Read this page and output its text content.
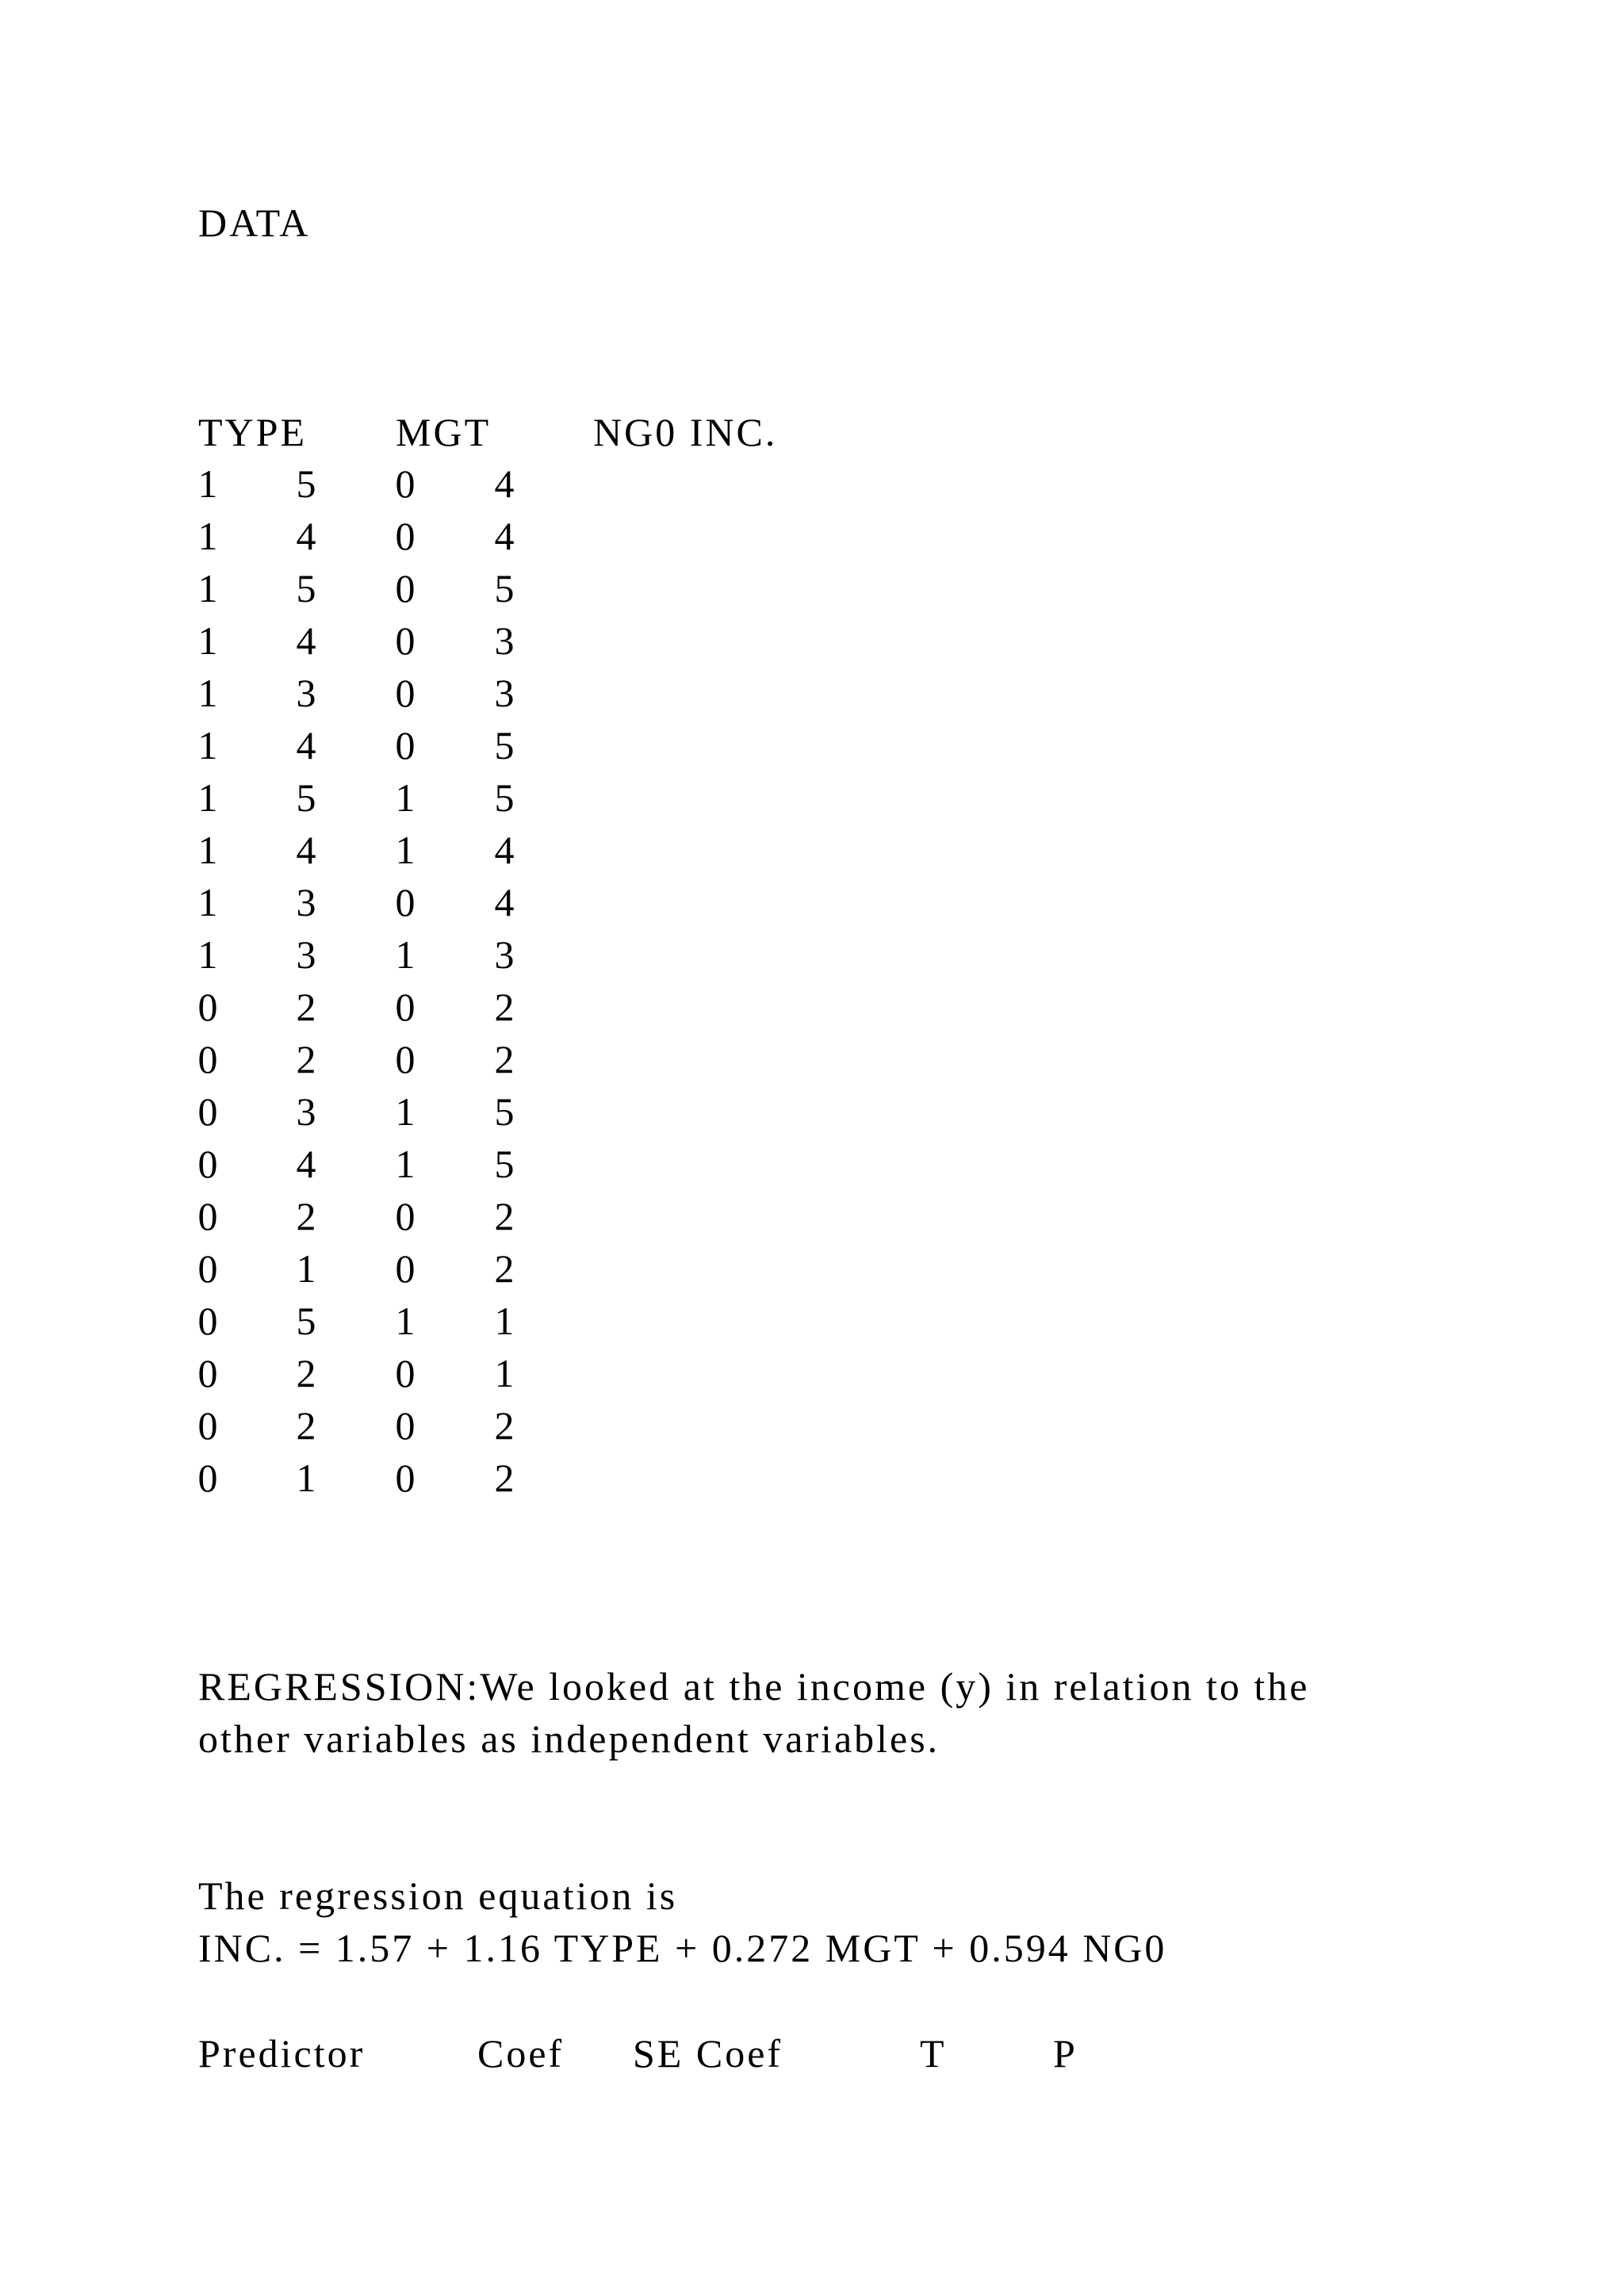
DATA
TYPE MGT	NG0 INC.
1 5 0 4
1 4 0 4
1 5 0 5
1 4 0 3
1 3 0 3
1 4 0 5
1 5 1 5
1 4 1 4
1 3 0 4
1 3 1 3
0 2 0 2
0 2 0 2
0 3 1 5
0 4 1 5
0 2 0 2
0 1 0 2
0 5 1 1
0 2 0 1
0 2 0 2
0 1 0 2
REGRESSION:We looked at the income (y) in relation to the
other variables as independent variables.
The regression equation is
INC. = 1.57 + 1.16 TYPE + 0.272 MGT + 0.594 NG0
Predictor	Coef SE Coef	T	P
